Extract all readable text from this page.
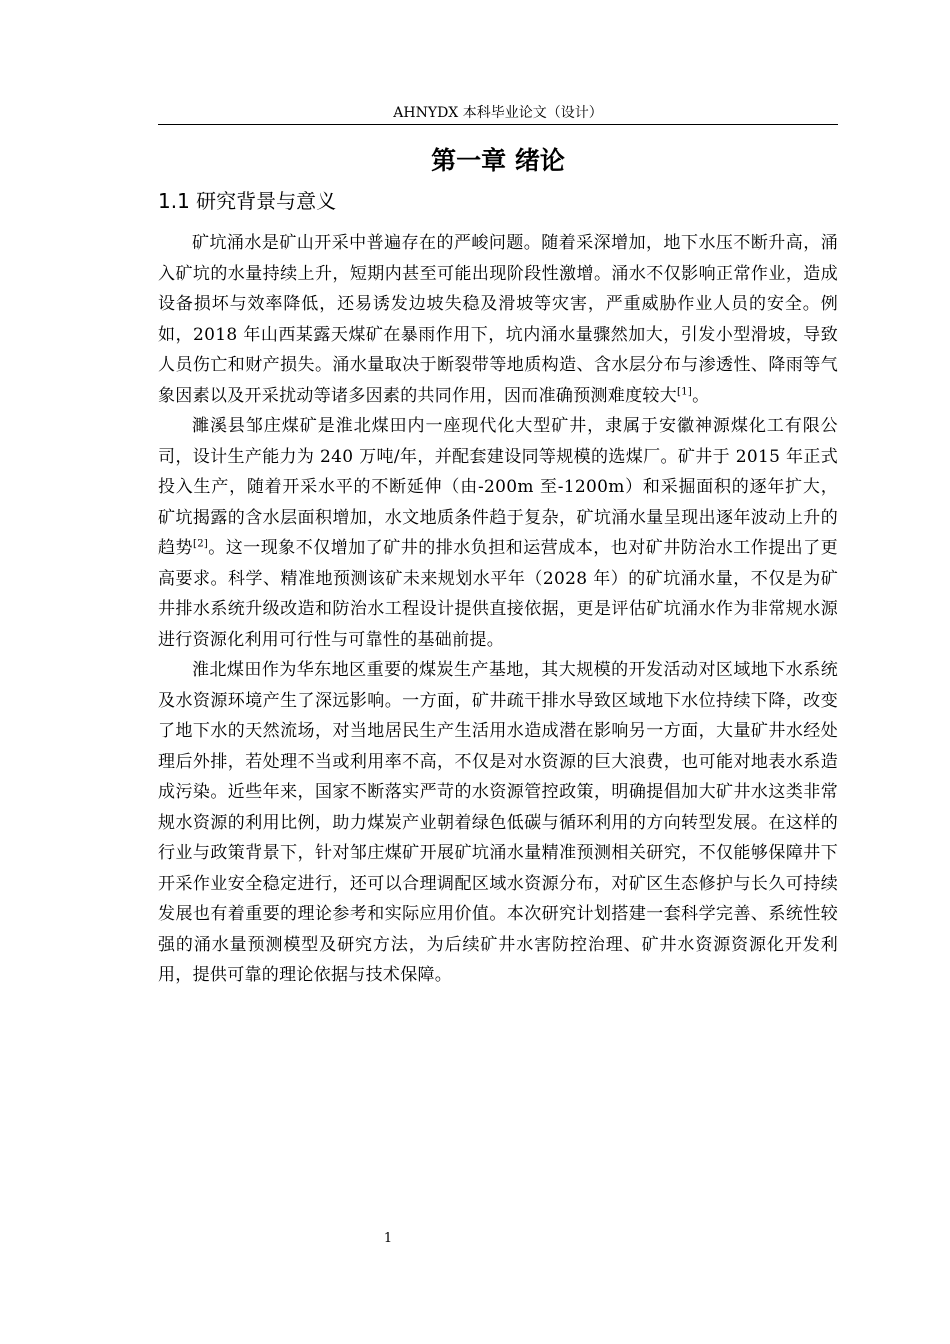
AHNYDX 本科毕业论文（设计）
第一章 绪论
1.1 研究背景与意义

矿坑涌水是矿山开采中普遍存在的严峻问题。随着采深增加，地下水压不断升高，涌入矿坑的水量持续上升，短期内甚至可能出现阶段性激增。涌水不仅影响正常作业，造成设备损坏与效率降低，还易诱发边坡失稳及滑坡等灾害，严重威胁作业人员的安全。例如，2018 年山西某露天煤矿在暴雨作用下，坑内涌水量骤然加大，引发小型滑坡，导致人员伤亡和财产损失。涌水量取决于断裂带等地质构造、含水层分布与渗透性、降雨等气象因素以及开采扰动等诸多因素的共同作用，因而准确预测难度较大[1]。

濉溪县邹庄煤矿是淮北煤田内一座现代化大型矿井，隶属于安徽神源煤化工有限公司，设计生产能力为 240 万吨/年，并配套建设同等规模的选煤厂。矿井于 2015 年正式投入生产，随着开采水平的不断延伸（由-200m 至-1200m）和采掘面积的逐年扩大，矿坑揭露的含水层面积增加，水文地质条件趋于复杂，矿坑涌水量呈现出逐年波动上升的趋势[2]。这一现象不仅增加了矿井的排水负担和运营成本，也对矿井防治水工作提出了更高要求。科学、精准地预测该矿未来规划水平年（2028 年）的矿坑涌水量，不仅是为矿井排水系统升级改造和防治水工程设计提供直接依据，更是评估矿坑涌水作为非常规水源进行资源化利用可行性与可靠性的基础前提。

淮北煤田作为华东地区重要的煤炭生产基地，其大规模的开发活动对区域地下水系统及水资源环境产生了深远影响。一方面，矿井疏干排水导致区域地下水位持续下降，改变了地下水的天然流场，对当地居民生产生活用水造成潜在影响另一方面，大量矿井水经处理后外排，若处理不当或利用率不高，不仅是对水资源的巨大浪费，也可能对地表水系造成污染。近些年来，国家不断落实严苛的水资源管控政策，明确提倡加大矿井水这类非常规水资源的利用比例，助力煤炭产业朝着绿色低碳与循环利用的方向转型发展。在这样的行业与政策背景下，针对邹庄煤矿开展矿坑涌水量精准预测相关研究，不仅能够保障井下开采作业安全稳定进行，还可以合理调配区域水资源分布，对矿区生态修护与长久可持续发展也有着重要的理论参考和实际应用价值。本次研究计划搭建一套科学完善、系统性较强的涌水量预测模型及研究方法，为后续矿井水害防控治理、矿井水资源资源化开发利用，提供可靠的理论依据与技术保障。

1
